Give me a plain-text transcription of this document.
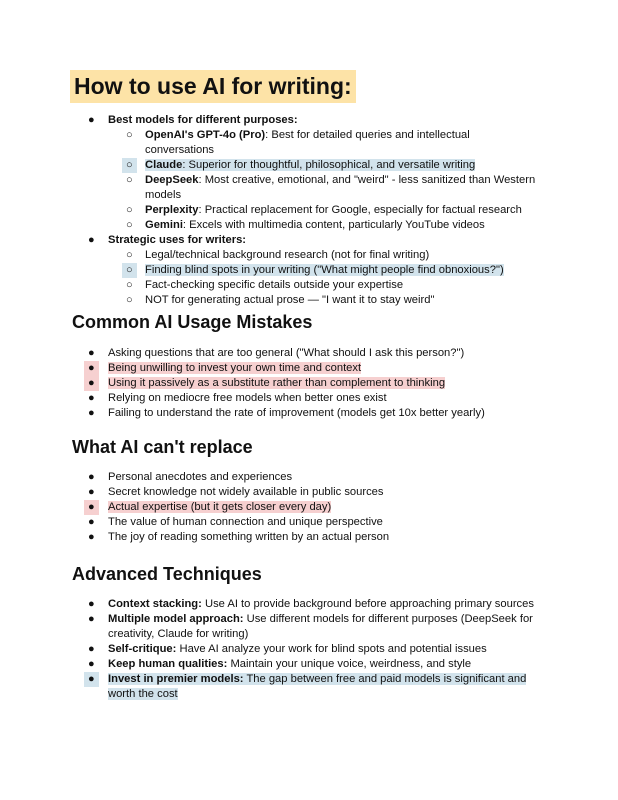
How to use AI for writing:
● Best models for different purposes:
○ OpenAI's GPT-4o (Pro): Best for detailed queries and intellectual conversations
○	Claude: Superior for thoughtful, philosophical, and versatile writing
○ DeepSeek: Most creative, emotional, and "weird" - less sanitized than Western models
○ Perplexity: Practical replacement for Google, especially for factual research
○ Gemini: Excels with multimedia content, particularly YouTube videos
● Strategic uses for writers:
○ Legal/technical background research (not for final writing)
○	Finding blind spots in your writing ("What might people find obnoxious?")
○ Fact-checking specific details outside your expertise
○ NOT for generating actual prose — "I want it to stay weird"
Common AI Usage Mistakes
● Asking questions that are too general ("What should I ask this person?")
●	Being unwilling to invest your own time and context
●	Using it passively as a substitute rather than complement to thinking
● Relying on mediocre free models when better ones exist
● Failing to understand the rate of improvement (models get 10x better yearly)
What AI can't replace
● Personal anecdotes and experiences
● Secret knowledge not widely available in public sources
●	Actual expertise (but it gets closer every day)
● The value of human connection and unique perspective
● The joy of reading something written by an actual person
Advanced Techniques
● Context stacking: Use AI to provide background before approaching primary sources
● Multiple model approach: Use different models for different purposes (DeepSeek for creativity, Claude for writing)
● Self-critique: Have AI analyze your work for blind spots and potential issues
● Keep human qualities: Maintain your unique voice, weirdness, and style
●	Invest in premier models: The gap between free and paid models is significant and worth the cost
